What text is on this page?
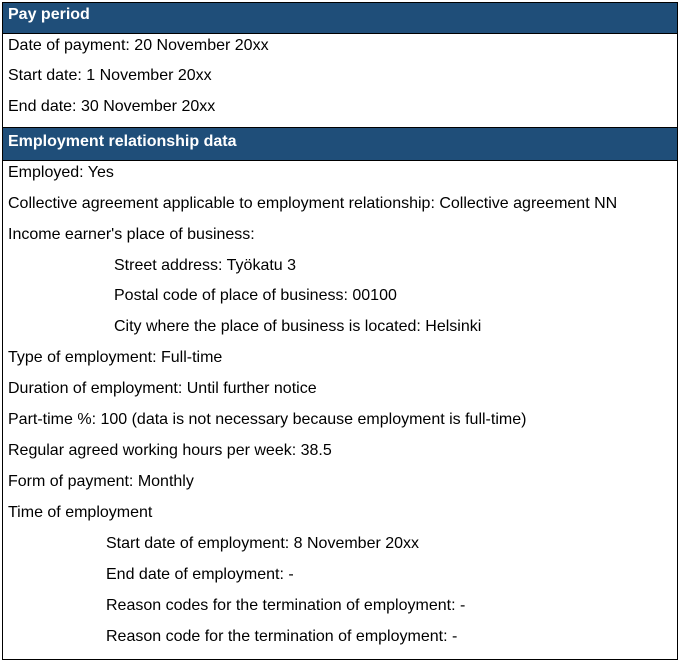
Pay period
Date of payment: 20 November 20xx
Start date: 1 November 20xx
End date: 30 November 20xx
Employment relationship data
Employed: Yes
Collective agreement applicable to employment relationship: Collective agreement NN
Income earner's place of business:
Street address: Työkatu 3
Postal code of place of business: 00100
City where the place of business is located: Helsinki
Type of employment: Full-time
Duration of employment: Until further notice
Part-time %: 100 (data is not necessary because employment is full-time)
Regular agreed working hours per week: 38.5
Form of payment: Monthly
Time of employment
Start date of employment: 8 November 20xx
End date of employment: -
Reason codes for the termination of employment: -
Reason code for the termination of employment: -
